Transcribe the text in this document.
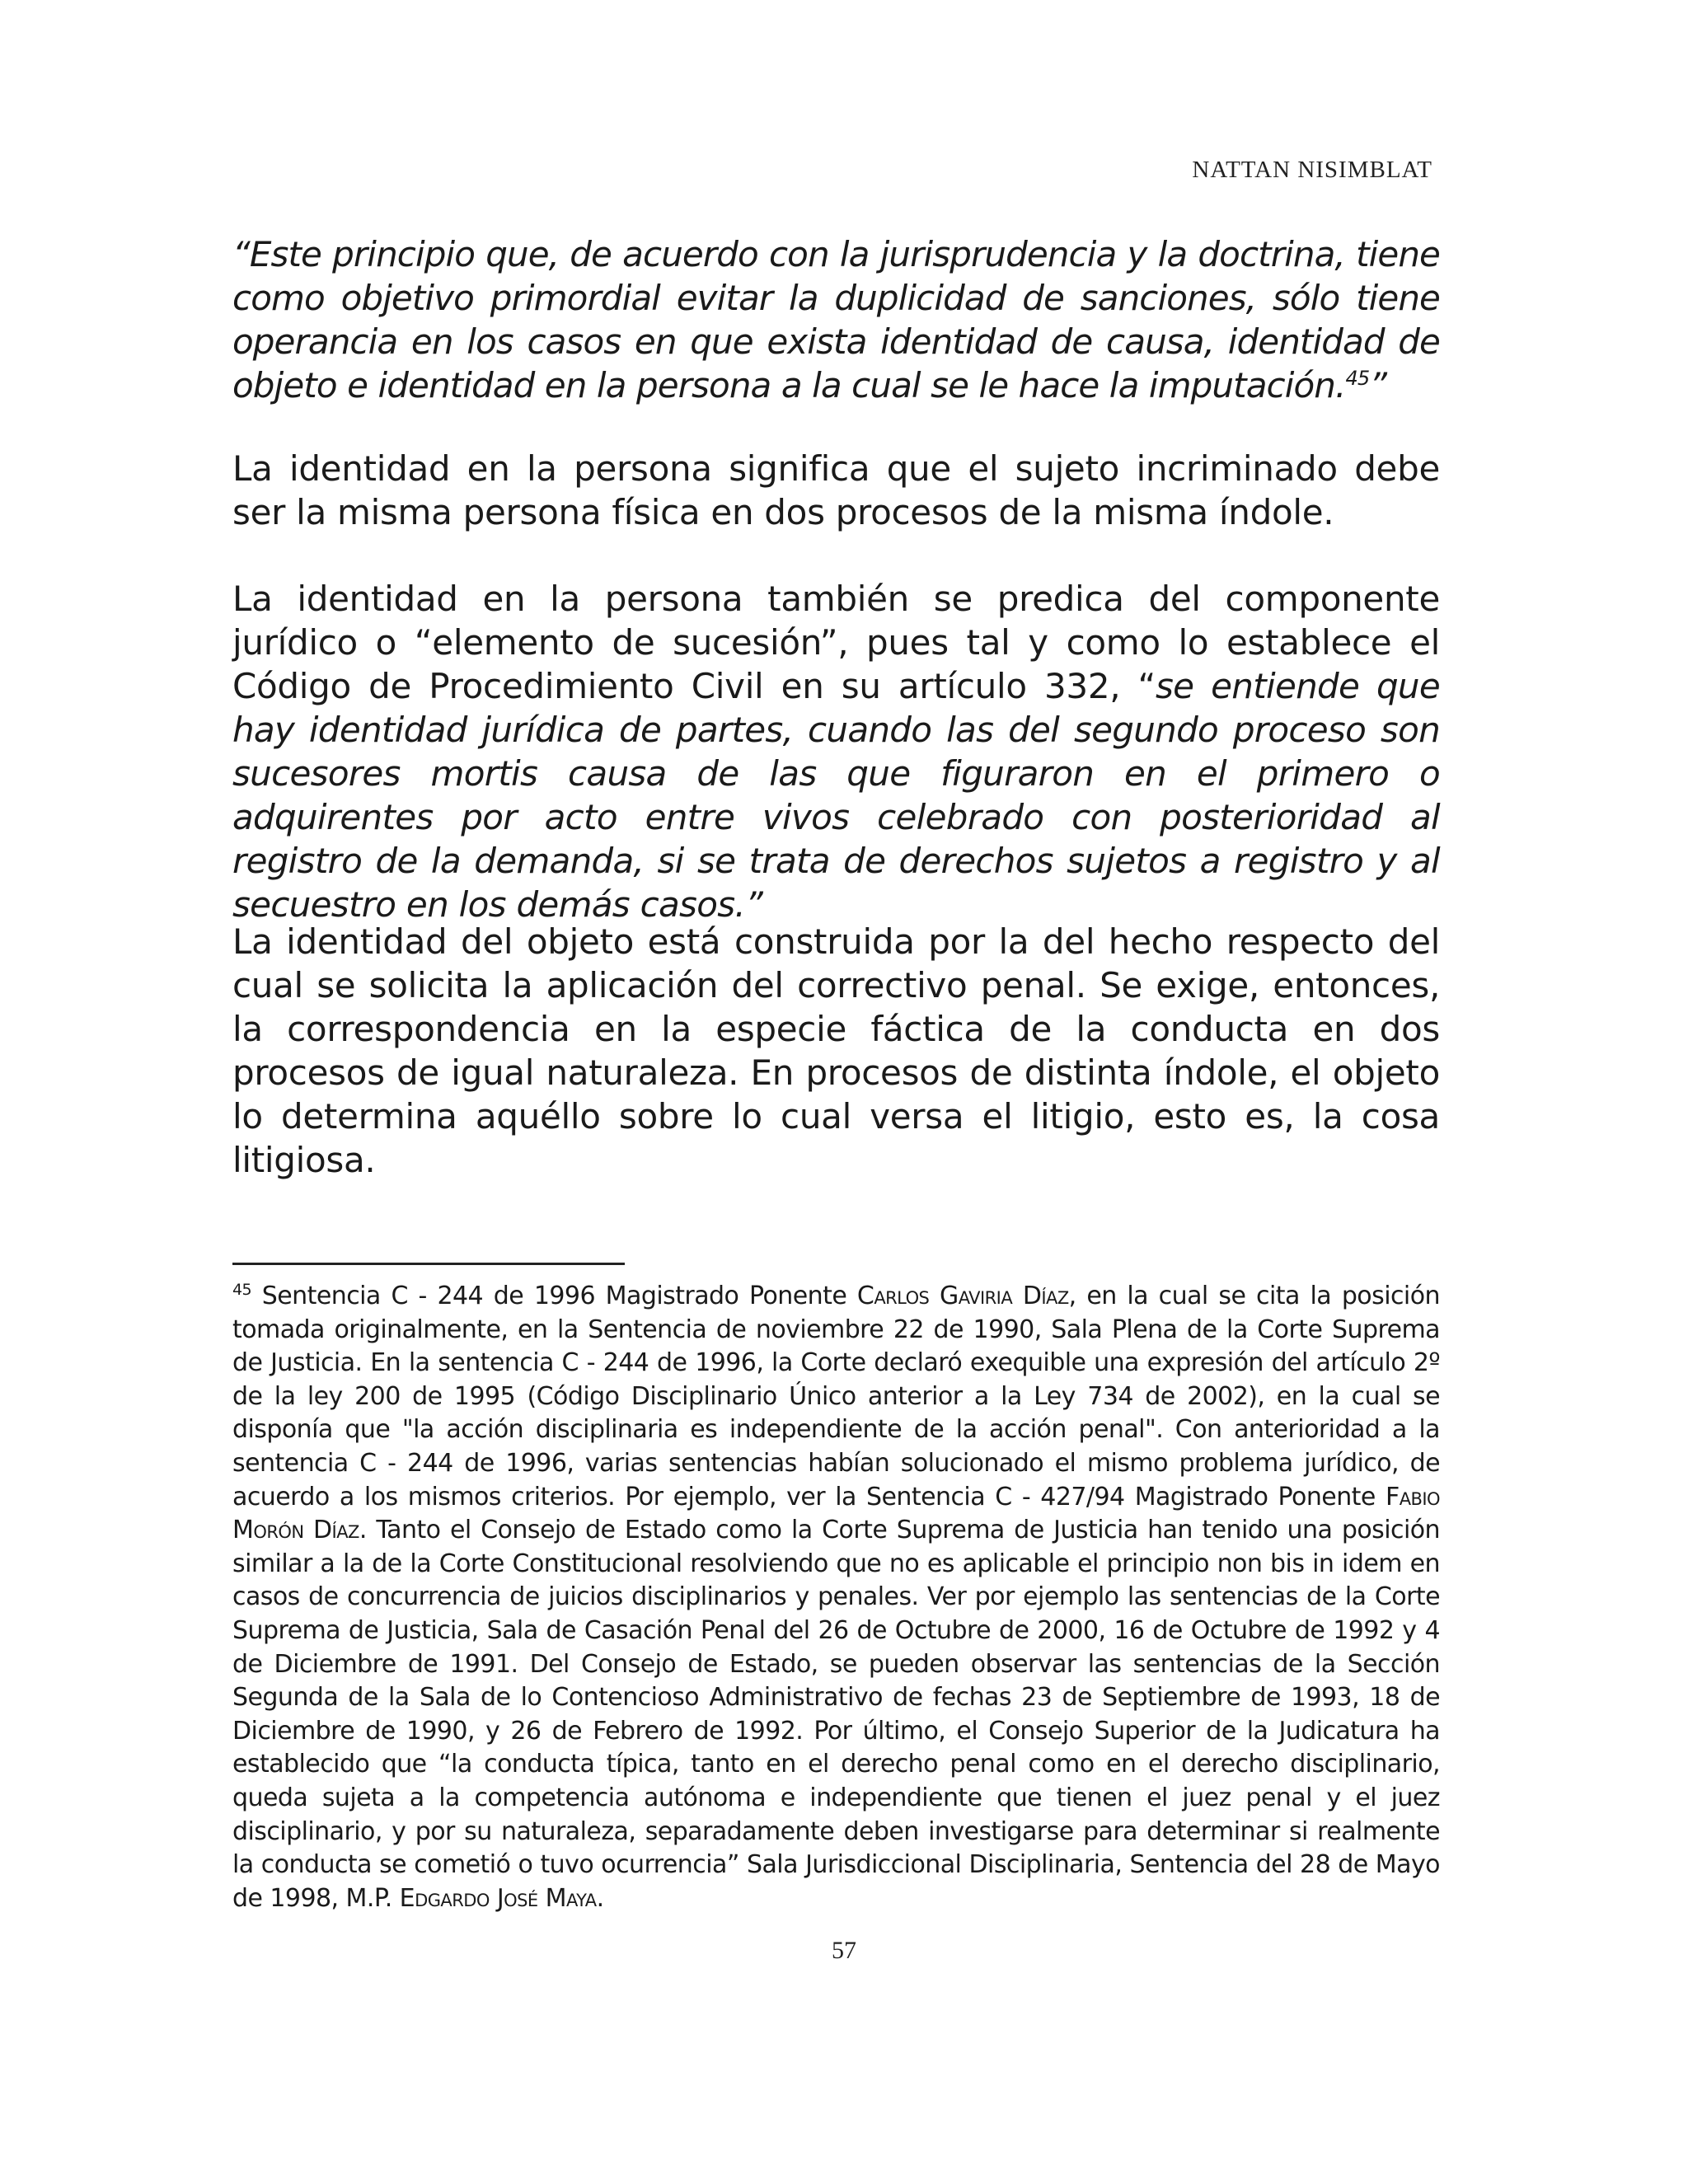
NATTAN NISIMBLAT
“Este principio que, de acuerdo con la jurisprudencia y la doctrina, tiene como objetivo primordial evitar la duplicidad de sanciones, sólo tiene operancia en los casos en que exista identidad de causa, identidad de objeto e identidad en la persona a la cual se le hace la imputación.$^{45}$”
La identidad en la persona significa que el sujeto incriminado debe ser la misma persona física en dos procesos de la misma índole.
La identidad en la persona también se predica del componente jurídico o “elemento de sucesión”, pues tal y como lo establece el Código de Procedimiento Civil en su artículo 332, “se entiende que hay identidad jurídica de partes, cuando las del segundo proceso son sucesores mortis causa de las que figuraron en el primero o adquirentes por acto entre vivos celebrado con posterioridad al registro de la demanda, si se trata de derechos sujetos a registro y al secuestro en los demás casos.”
La identidad del objeto está construida por la del hecho respecto del cual se solicita la aplicación del correctivo penal. Se exige, entonces, la correspondencia en la especie fáctica de la conducta en dos procesos de igual naturaleza. En procesos de distinta índole, el objeto lo determina aquéllo sobre lo cual versa el litigio, esto es, la cosa litigiosa.
$^{45}$ Sentencia C - 244 de 1996 Magistrado Ponente Carlos Gaviria Díaz, en la cual se cita la posición tomada originalmente, en la Sentencia de noviembre 22 de 1990, Sala Plena de la Corte Suprema de Justicia. En la sentencia C - 244 de 1996, la Corte declaró exequible una expresión del artículo 2º de la ley 200 de 1995 (Código Disciplinario Único anterior a la Ley 734 de 2002), en la cual se disponía que "la acción disciplinaria es independiente de la acción penal". Con anterioridad a la sentencia C - 244 de 1996, varias sentencias habían solucionado el mismo problema jurídico, de acuerdo a los mismos criterios. Por ejemplo, ver la Sentencia C - 427/94 Magistrado Ponente Fabio Morón Díaz. Tanto el Consejo de Estado como la Corte Suprema de Justicia han tenido una posición similar a la de la Corte Constitucional resolviendo que no es aplicable el principio non bis in idem en casos de concurrencia de juicios disciplinarios y penales. Ver por ejemplo las sentencias de la Corte Suprema de Justicia, Sala de Casación Penal del 26 de Octubre de 2000, 16 de Octubre de 1992 y 4 de Diciembre de 1991. Del Consejo de Estado, se pueden observar las sentencias de la Sección Segunda de la Sala de lo Contencioso Administrativo de fechas 23 de Septiembre de 1993, 18 de Diciembre de 1990, y 26 de Febrero de 1992. Por último, el Consejo Superior de la Judicatura ha establecido que “la conducta típica, tanto en el derecho penal como en el derecho disciplinario, queda sujeta a la competencia autónoma e independiente que tienen el juez penal y el juez disciplinario, y por su naturaleza, separadamente deben investigarse para determinar si realmente la conducta se cometió o tuvo ocurrencia” Sala Jurisdiccional Disciplinaria, Sentencia del 28 de Mayo de 1998, M.P. Edgardo José Maya.
57
